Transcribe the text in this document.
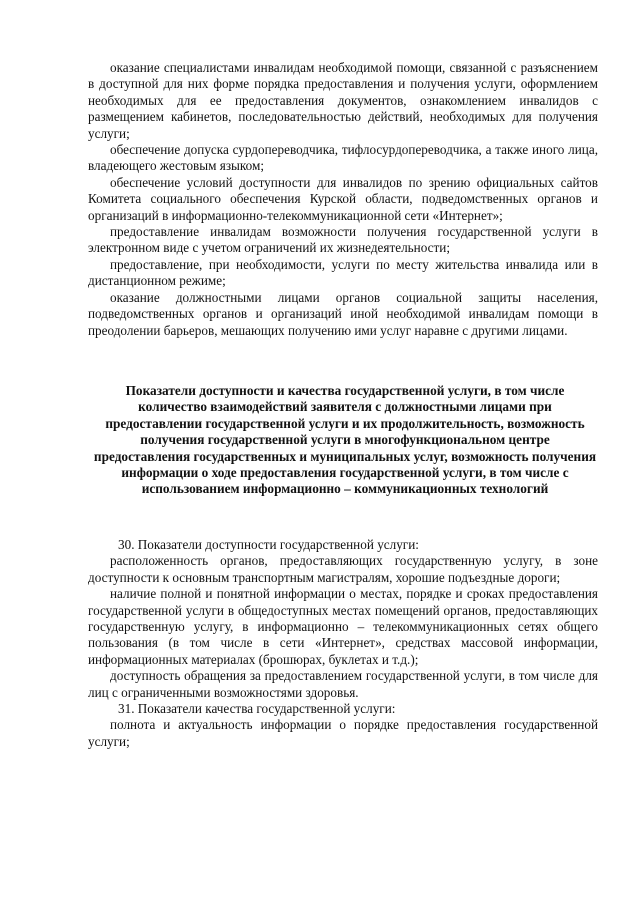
оказание специалистами инвалидам необходимой помощи, связанной с разъяснением в доступной для них форме порядка предоставления и получения услуги, оформлением необходимых для ее предоставления документов, ознакомлением инвалидов с размещением кабинетов, последовательностью действий, необходимых для получения услуги;

обеспечение допуска сурдопереводчика, тифлосурдопереводчика, а также иного лица, владеющего жестовым языком;

обеспечение условий доступности для инвалидов по зрению официальных сайтов Комитета социального обеспечения Курской области, подведомственных органов и организаций в информационно-телекоммуникационной сети «Интернет»;

предоставление инвалидам возможности получения государственной услуги в электронном виде с учетом ограничений их жизнедеятельности;

предоставление, при необходимости, услуги по месту жительства инвалида или в дистанционном режиме;

оказание должностными лицами органов социальной защиты населения, подведомственных органов и организаций иной необходимой инвалидам помощи в преодолении барьеров, мешающих получению ими услуг наравне с другими лицами.

Показатели доступности и качества государственной услуги, в том числе количество взаимодействий заявителя с должностными лицами при предоставлении государственной услуги и их продолжительность, возможность получения государственной услуги в многофункциональном центре предоставления государственных и муниципальных услуг, возможность получения информации о ходе предоставления государственной услуги, в том числе с использованием информационно – коммуникационных технологий

30. Показатели доступности государственной услуги:

расположенность органов, предоставляющих государственную услугу, в зоне доступности к основным транспортным магистралям, хорошие подъездные дороги;

наличие полной и понятной информации о местах, порядке и сроках предоставления государственной услуги в общедоступных местах помещений органов, предоставляющих государственную услугу, в информационно – телекоммуникационных сетях общего пользования (в том числе в сети «Интернет», средствах массовой информации, информационных материалах (брошюрах, буклетах и т.д.);

доступность обращения за предоставлением государственной услуги, в том числе для лиц с ограниченными возможностями здоровья.

31. Показатели качества государственной услуги:

полнота и актуальность информации о порядке предоставления государственной услуги;
